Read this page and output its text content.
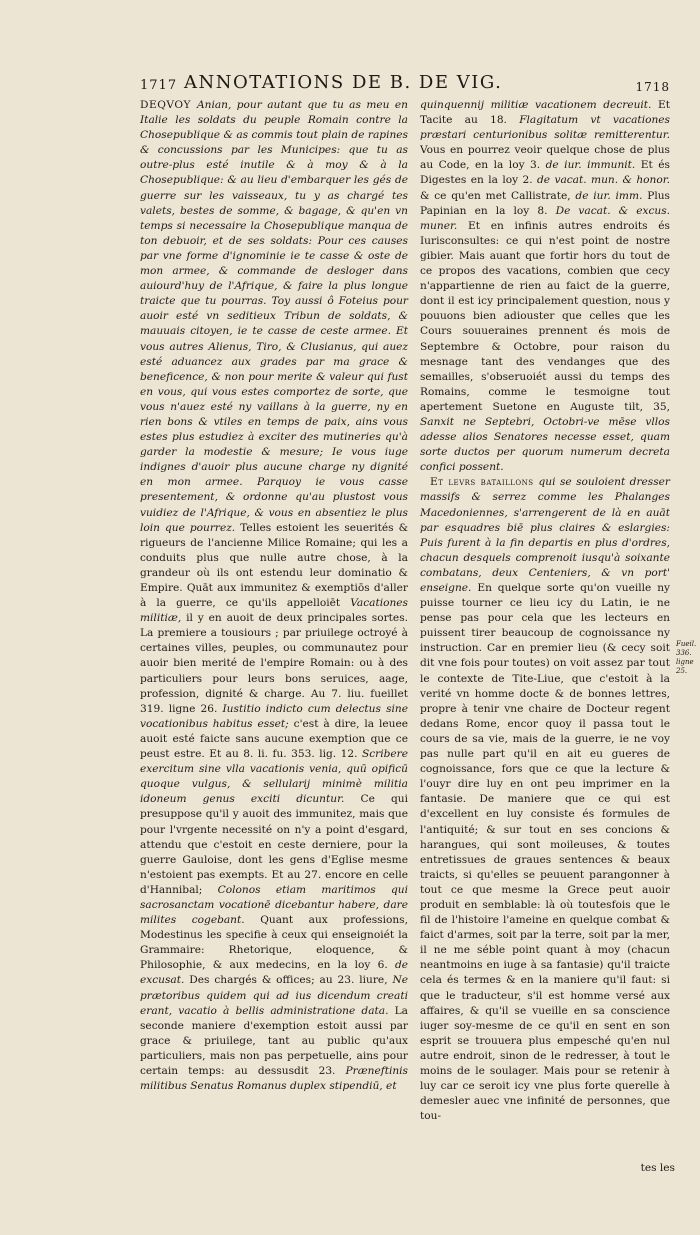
1717 ANNOTATIONS DE B. DE VIG.	1718

DEQVOY Anian, pour autant que tu as meu en Italie les soldats du peuple Romain contre la Chosepublique & as commis tout plain de rapines & concussions par les Municipes: que tu as outre-plus esté inutile & à moy & à la Chosepublique: & au lieu d'embarquer les gés de guerre sur les vaisseaux, tu y as chargé tes valets, bestes de somme, & bagage, & qu'en vn temps si necessaire la Chosepublique manqua de ton debuoir, et de ses soldats: Pour ces causes par vne forme d'ignominie ie te casse & oste de mon armee, & commande de desloger dans auiourd'huy de l'Afrique, & faire la plus longue traicte que tu pourras. Toy aussi ô Foteius pour auoir esté vn seditieux Tribun de soldats, & mauuais citoyen, ie te casse de ceste armee. Et vous autres Alienus, Tiro, & Clusianus, qui auez esté aduancez aux grades par ma grace & beneficence, & non pour merite & valeur qui fust en vous, qui vous estes comportez de sorte, que vous n'auez esté ny vaillans à la guerre, ny en rien bons & vtiles en temps de paix, ains vous estes plus estudiez à exciter des mutineries qu'à garder la modestie & mesure; Ie vous iuge indignes d'auoir plus aucune charge ny dignité en mon armee. Parquoy ie vous casse presentement, & ordonne qu'au plustost vous vuidiez de l'Afrique, & vous en absentiez le plus loin que pourrez. Telles estoient les seuerités & rigueurs de l'ancienne Milice Romaine; qui les a conduits plus que nulle autre chose, à la grandeur où ils ont estendu leur dominatio & Empire. Quāt aux immunitez & exemptiōs d'aller à la guerre, ce qu'ils appelloiēt Vacationes militiæ, il y en auoit de deux principales sortes. La premiere a tousiours ; par priuilege octroyé à certaines villes, peuples, ou communautez pour auoir bien merité de l'empire Romain: ou à des particuliers pour leurs bons seruices, aage, profession, dignité & charge. Au 7. liu. fueillet 319. ligne 26. Iustitio indicto cum delectus sine vocationibus habitus esset; c'est à dire, la leuee auoit esté faicte sans aucune exemption que ce peust estre. Et au 8. li. fu. 353. lig. 12. Scribere exercitum sine vlla vacationis venia, quū opificū quoque vulgus, & sellularij minimè militia idoneum genus exciti dicuntur. Ce qui presuppose qu'il y auoit des immunitez, mais que pour l'vrgente necessité on n'y a point d'esgard, attendu que c'estoit en ceste derniere, pour la guerre Gauloise, dont les gens d'Eglise mesme n'estoient pas exempts. Et au 27. encore en celle d'Hannibal; Colonos etiam maritimos qui sacrosanctam vocationē dicebantur habere, dare milites cogebant. Quant aux professions, Modestinus les specifie à ceux qui enseignoiét la Grammaire: Rhetorique, eloquence, & Philosophie, & aux medecins, en la loy 6. de excusat. Des chargés & offices; au 23. liure, Ne prætoribus quidem qui ad ius dicendum creati erant, vacatio à bellis administratione data. La seconde maniere d'exemption estoit aussi par grace & priuilege, tant au public qu'aux particuliers, mais non pas perpetuelle, ains pour certain temps: au dessusdit 23. Præneftinis militibus Senatus Romanus duplex stipendiū, et

quinquennij militiæ vacationem decreuit. Et Tacite au 18. Flagitatum vt vacationes præstari centurionibus solitæ remitterentur. Vous en pourrez veoir quelque chose de plus au Code, en la loy 3. de iur. immunit. Et és Digestes en la loy 2. de vacat. mun. & honor. & ce qu'en met Callistrate, de iur. imm. Plus Papinian en la loy 8. De vacat. & excus. muner. Et en infinis autres endroits és Iurisconsultes: ce qui n'est point de nostre gibier. Mais auant que fortir hors du tout de ce propos des vacations, combien que cecy n'appartienne de rien au faict de la guerre, dont il est icy principalement question, nous y pouuons bien adiouster que celles que les Cours souueraines prennent és mois de Septembre & Octobre, pour raison du mesnage tant des vendanges que des semailles, s'obseruoiét aussi du temps des Romains, comme le tesmoigne tout apertement Suetone en Auguste tilt, 35, Sanxit ne Septebri, Octobri-ve mēse vllos adesse alios Senatores necesse esset, quam sorte ductos per quorum numerum decreta confici possent.

Et levrs bataillons qui se souloient dresser massifs & serrez comme les Phalanges Macedoniennes, s'arrengerent de là en auāt par esquadres biē plus claires & eslargies: Puis furent à la fin departis en plus d'ordres, chacun desquels comprenoit iusqu'à soixante combatans, deux Centeniers, & vn port' enseigne. En quelque sorte qu'on vueille ny puisse tourner ce lieu icy du Latin, ie ne pense pas pour cela que les lecteurs en puissent tirer beaucoup de cognoissance ny instruction. Car en premier lieu (& cecy soit dit vne fois pour toutes) on voit assez par tout le contexte de Tite-Liue, que c'estoit à la verité vn homme docte & de bonnes lettres, propre à tenir vne chaire de Docteur regent dedans Rome, encor quoy il passa tout le cours de sa vie, mais de la guerre, ie ne voy pas nulle part qu'il en ait eu gueres de cognoissance, fors que ce que la lecture & l'ouyr dire luy en ont peu imprimer en la fantasie. De maniere que ce qui est d'excellent en luy consiste és formules de l'antiquité; & sur tout en ses concions & harangues, qui sont moileuses, & toutes entretissues de graues sentences & beaux traicts, si qu'elles se peuuent parangonner à tout ce que mesme la Grece peut auoir produit en semblable: là où toutesfois que le fil de l'histoire l'ameine en quelque combat & faict d'armes, soit par la terre, soit par la mer, il ne me séble point quant à moy (chacun neantmoins en iuge à sa fantasie) qu'il traicte cela és termes & en la maniere qu'il faut: si que le traducteur, s'il est homme versé aux affaires, & qu'il se vueille en sa conscience iuger soy-mesme de ce qu'il en sent en son esprit se trouuera plus empesché qu'en nul autre endroit, sinon de le redresser, à tout le moins de le soulager. Mais pour se retenir à luy car ce seroit icy vne plus forte querelle à demesler auec vne infinité de personnes, que tou-

Fueil. 336. ligne 25.
tes les
